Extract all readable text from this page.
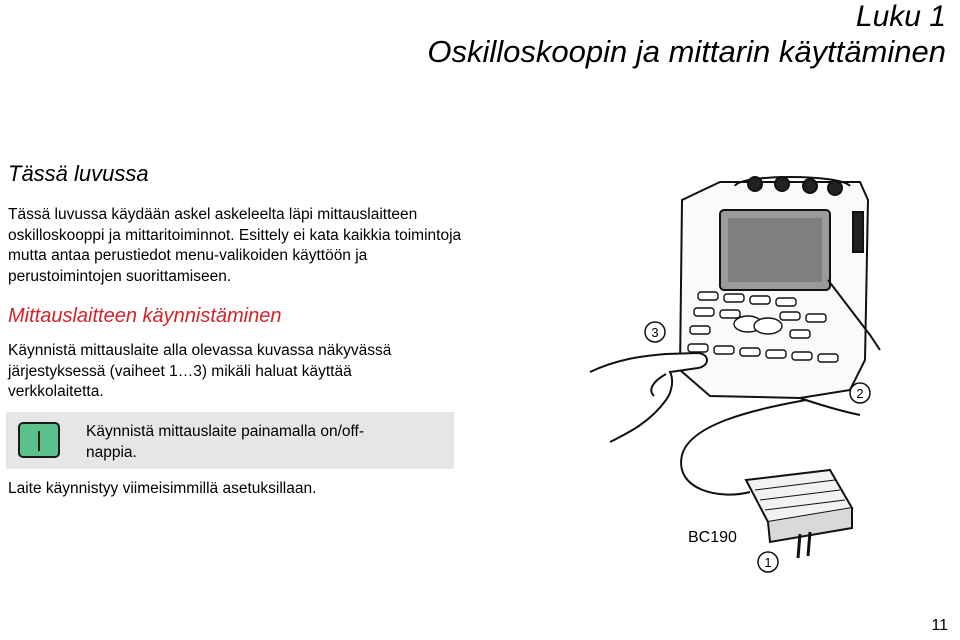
Luku 1
Oskilloskoopin ja mittarin käyttäminen
Tässä luvussa
Tässä luvussa käydään askel askeleelta läpi mittauslaitteen oskilloskooppi ja mittaritoiminnot. Esittely ei kata kaikkia toimintoja mutta antaa perustiedot menu-valikoiden käyttöön ja perustoimintojen suorittamiseen.
Mittauslaitteen käynnistäminen
Käynnistä mittauslaite alla olevassa kuvassa näkyvässä järjestyksessä (vaiheet 1…3) mikäli haluat käyttää verkkolaitetta.
Käynnistä mittauslaite painamalla on/off-nappia.
Laite käynnistyy viimeisimmillä asetuksillaan.
3
2
1
BC190
11
